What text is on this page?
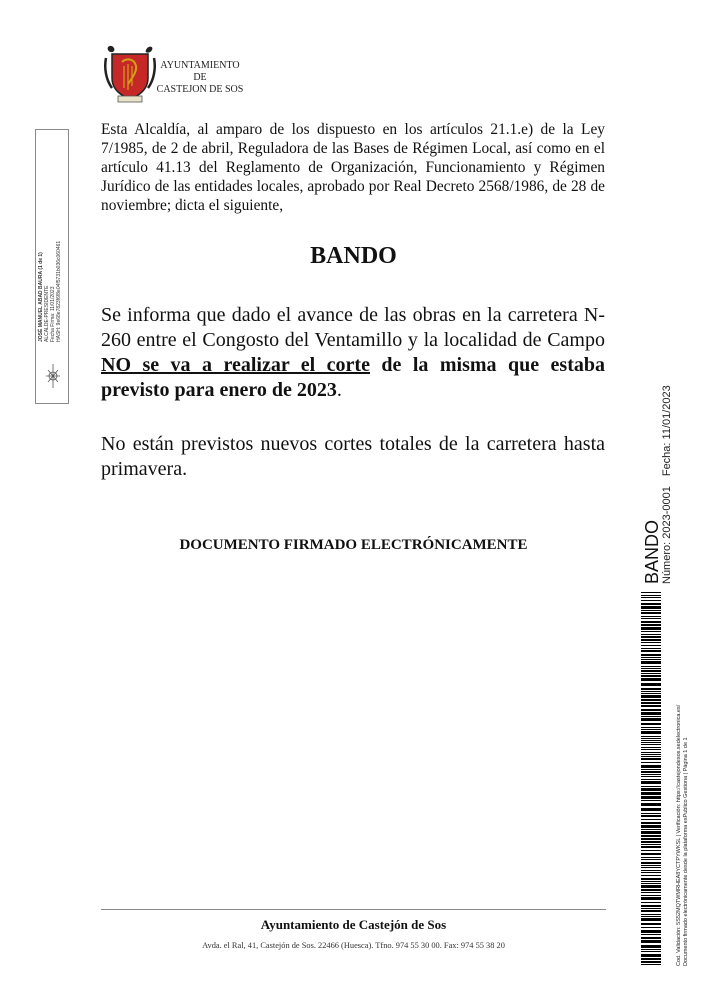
AYUNTAMIENTO
DE
CASTEJON DE SOS
JOSÉ MANUEL ABAD BAURA (1 de 1) ALCALDE-PRESIDENTE Fecha Firma: 11/01/2023 HASH: 9e68e7823f6f8e04f5731b036c060461

Esta Alcaldía, al amparo de los dispuesto en los artículos 21.1.e) de la Ley 7/1985, de 2 de abril, Reguladora de las Bases de Régimen Local, así como en el artículo 41.13 del Reglamento de Organización, Funcionamiento y Régimen Jurídico de las entidades locales, aprobado por Real Decreto 2568/1986, de 28 de noviembre; dicta el siguiente,

BANDO

Se informa que dado el avance de las obras en la carretera N-260 entre el Congosto del Ventamillo y la localidad de Campo NO se va a realizar el corte de la misma que estaba previsto para enero de 2023.

No están previstos nuevos cortes totales de la carretera hasta primavera.

DOCUMENTO FIRMADO ELECTRÓNICAMENTE

Ayuntamiento de Castejón de Sos

Avda. el Ral, 41, Castejón de Sos. 22466 (Huesca). Tfno. 974 55 30 00. Fax: 974 55 38 20

BANDO Número: 2023-0001Fecha: 11/01/2023
Cod. Validación: 5S52MQTWMRHEA8YCTPYWKSL | Verificación: https://castejondesos.sedelectronica.es/ Documento firmado electrónicamente desde la plataforma esPublico Gestiona | Página 1 de 1
